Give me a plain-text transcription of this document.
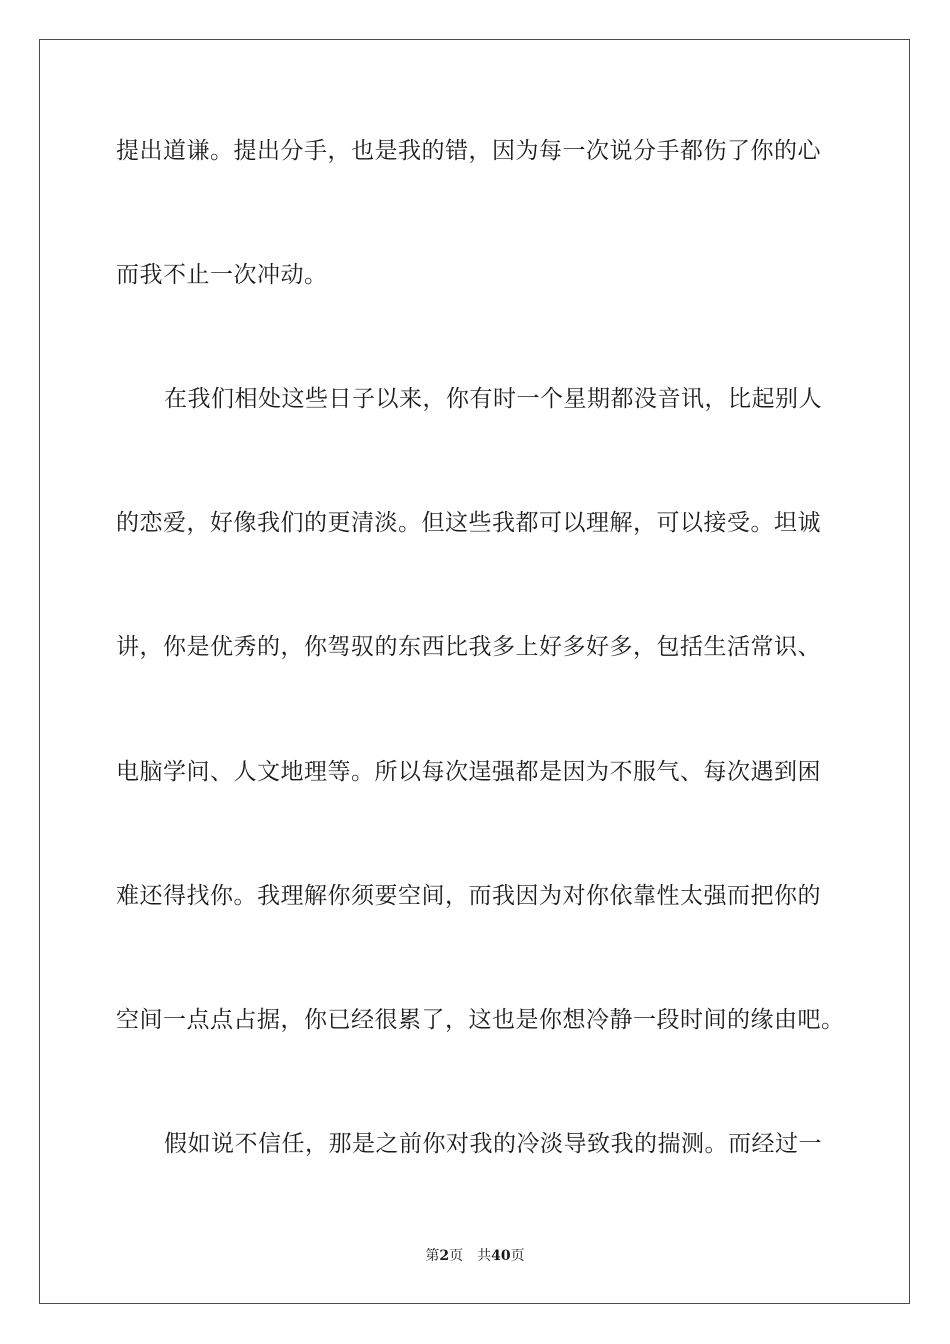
提出道谦。提出分手，也是我的错，因为每一次说分手都伤了你的心
而我不止一次冲动。
在我们相处这些日子以来，你有时一个星期都没音讯，比起别人
的恋爱，好像我们的更清淡。但这些我都可以理解，可以接受。坦诚
讲，你是优秀的，你驾驭的东西比我多上好多好多，包括生活常识、
电脑学问、人文地理等。所以每次逞强都是因为不服气、每次遇到困
难还得找你。我理解你须要空间，而我因为对你依靠性太强而把你的
空间一点点占据，你已经很累了，这也是你想冷静一段时间的缘由吧。
假如说不信任，那是之前你对我的冷淡导致我的揣测。而经过一
第2页 共40页
